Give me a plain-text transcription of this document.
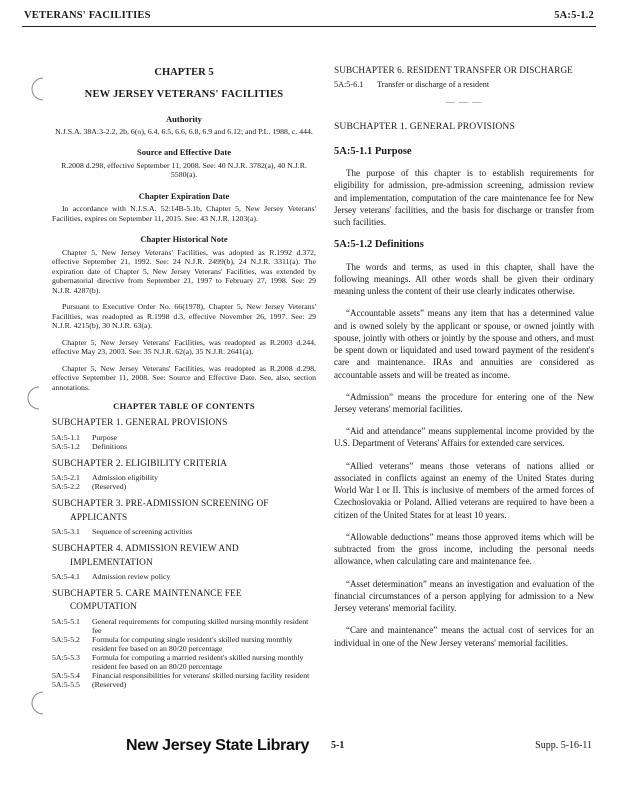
VETERANS' FACILITIES	5A:5-1.2
CHAPTER 5
NEW JERSEY VETERANS' FACILITIES
Authority
N.J.S.A. 38A:3-2.2, 2b, 6(o), 6.4, 6.5, 6.6, 6.8, 6.9 and 6.12; and P.L. 1988, c. 444.
Source and Effective Date
R.2008 d.298, effective September 11, 2008. See: 40 N.J.R. 3782(a), 40 N.J.R. 5580(a).
Chapter Expiration Date
In accordance with N.J.S.A. 52:14B-5.1b, Chapter 5, New Jersey Veterans' Facilities, expires on September 11, 2015. See: 43 N.J.R. 1203(a).
Chapter Historical Note
Chapter 5, New Jersey Veterans' Facilities, was adopted as R.1992 d.372, effective September 21, 1992. See: 24 N.J.R. 2499(b), 24 N.J.R. 3311(a). The expiration date of Chapter 5, New Jersey Veterans' Facilities, was extended by gubernatorial directive from September 21, 1997 to February 27, 1998. See: 29 N.J.R. 4287(b).
Pursuant to Executive Order No. 66(1978), Chapter 5, New Jersey Veterans' Facilities, was readopted as R.1998 d.3, effective November 26, 1997. See: 29 N.J.R. 4215(b), 30 N.J.R. 63(a).
Chapter 5, New Jersey Veterans' Facilities, was readopted as R.2003 d.244, effective May 23, 2003. See: 35 N.J.R. 62(a), 35 N.J.R. 2641(a).
Chapter 5, New Jersey Veterans' Facilities, was readopted as R.2008 d.298, effective September 11, 2008. See: Source and Effective Date. See, also, section annotations.
CHAPTER TABLE OF CONTENTS
SUBCHAPTER 1. GENERAL PROVISIONS
5A:5-1.1	Purpose
5A:5-1.2	Definitions
SUBCHAPTER 2. ELIGIBILITY CRITERIA
5A:5-2.1	Admission eligibility
5A:5-2.2	(Reserved)
SUBCHAPTER 3. PRE-ADMISSION SCREENING OF
APPLICANTS
5A:5-3.1	Sequence of screening activities
SUBCHAPTER 4. ADMISSION REVIEW AND
IMPLEMENTATION
5A:5-4.1	Admission review policy
SUBCHAPTER 5. CARE MAINTENANCE FEE
COMPUTATION
5A:5-5.1	General requirements for computing skilled nursing monthly resident fee
5A:5-5.2	Formula for computing single resident's skilled nursing monthly resident fee based on an 80/20 percentage
5A:5-5.3	Formula for computing a married resident's skilled nursing monthly resident fee based on an 80/20 percentage
5A:5-5.4	Financial responsibilities for veterans' skilled nursing facility resident
5A:5-5.5	(Reserved)
SUBCHAPTER 6. RESIDENT TRANSFER OR DISCHARGE
5A:5-6.1	Transfer or discharge of a resident
— — —
SUBCHAPTER 1. GENERAL PROVISIONS
5A:5-1.1 Purpose
The purpose of this chapter is to establish requirements for eligibility for admission, pre-admission screening, admission review and implementation, computation of the care maintenance fee for New Jersey veterans' facilities, and the basis for discharge or transfer from such facilities.
5A:5-1.2 Definitions
The words and terms, as used in this chapter, shall have the following meanings. All other words shall be given their ordinary meaning unless the content of their use clearly indicates otherwise.
“Accountable assets” means any item that has a determined value and is owned solely by the applicant or spouse, or owned jointly with spouse, jointly with others or jointly by the spouse and others, and must be spent down or liquidated and used toward payment of the resident's care and maintenance. IRAs and annuities are considered as accountable assets and will be treated as income.
“Admission” means the procedure for entering one of the New Jersey veterans' memorial facilities.
“Aid and attendance” means supplemental income provided by the U.S. Department of Veterans' Affairs for extended care services.
“Allied veterans” means those veterans of nations allied or associated in conflicts against an enemy of the United States during World War I or II. This is inclusive of members of the armed forces of Czechoslovakia or Poland. Allied veterans are required to have been a citizen of the United States for at least 10 years.
“Allowable deductions” means those approved items which will be subtracted from the gross income, including the personal needs allowance, when calculating care and maintenance fee.
“Asset determination” means an investigation and evaluation of the financial circumstances of a person applying for admission to a New Jersey veterans' memorial facility.
“Care and maintenance” means the actual cost of services for an individual in one of the New Jersey veterans' memorial facilities.
New Jersey State Library 5-1	Supp. 5-16-11
